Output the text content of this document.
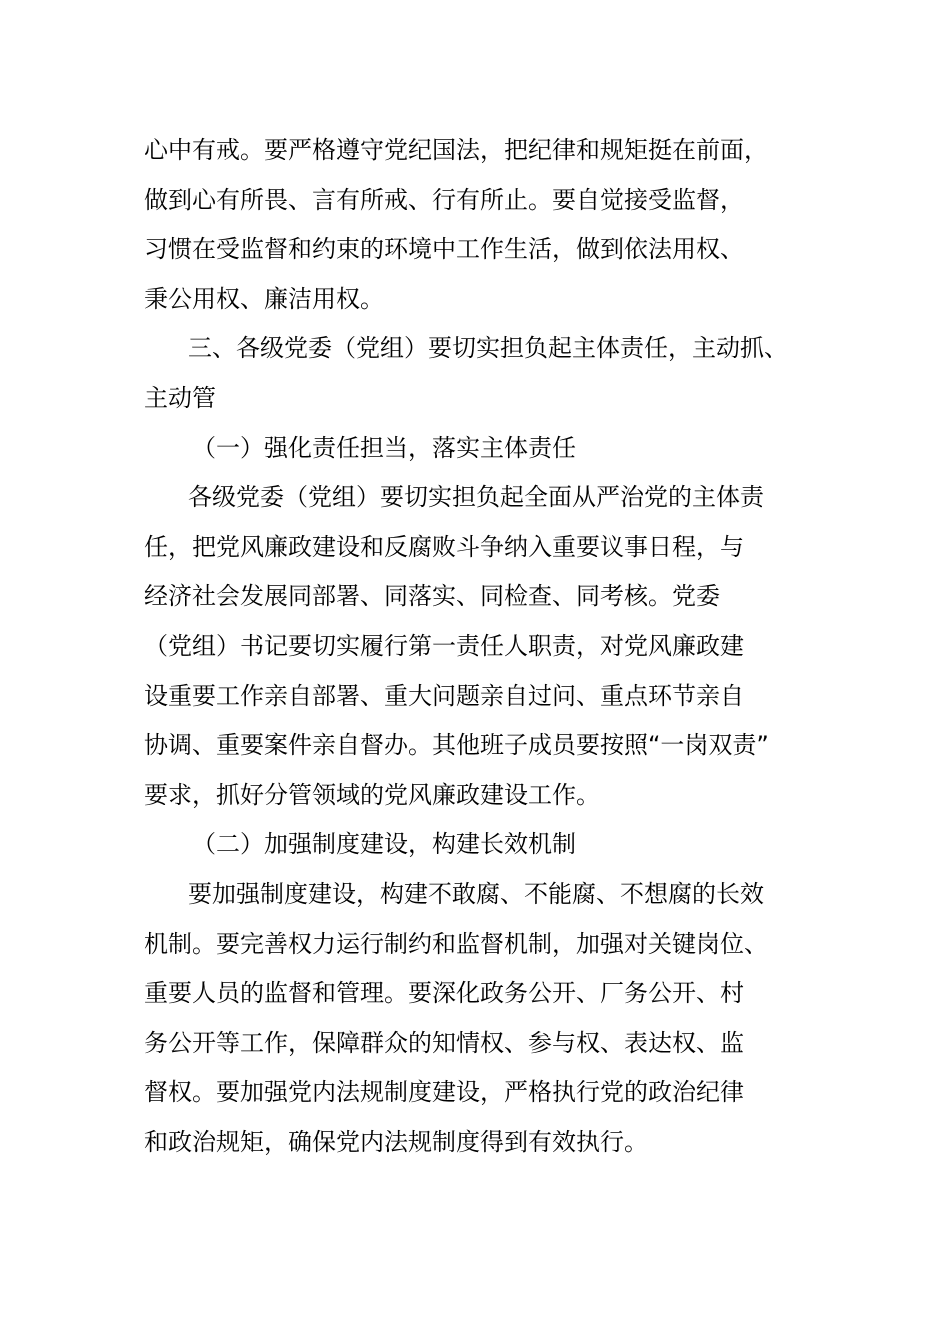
心中有戒。要严格遵守党纪国法，把纪律和规矩挺在前面，
做到心有所畏、言有所戒、行有所止。要自觉接受监督，
习惯在受监督和约束的环境中工作生活，做到依法用权、
秉公用权、廉洁用权。
三、各级党委（党组）要切实担负起主体责任，主动抓、
主动管
（一）强化责任担当，落实主体责任
各级党委（党组）要切实担负起全面从严治党的主体责
任，把党风廉政建设和反腐败斗争纳入重要议事日程，与
经济社会发展同部署、同落实、同检查、同考核。党委
（党组）书记要切实履行第一责任人职责，对党风廉政建
设重要工作亲自部署、重大问题亲自过问、重点环节亲自
协调、重要案件亲自督办。其他班子成员要按照“一岗双责”
要求，抓好分管领域的党风廉政建设工作。
（二）加强制度建设，构建长效机制
要加强制度建设，构建不敢腐、不能腐、不想腐的长效
机制。要完善权力运行制约和监督机制，加强对关键岗位、
重要人员的监督和管理。要深化政务公开、厂务公开、村
务公开等工作，保障群众的知情权、参与权、表达权、监
督权。要加强党内法规制度建设，严格执行党的政治纪律
和政治规矩，确保党内法规制度得到有效执行。
